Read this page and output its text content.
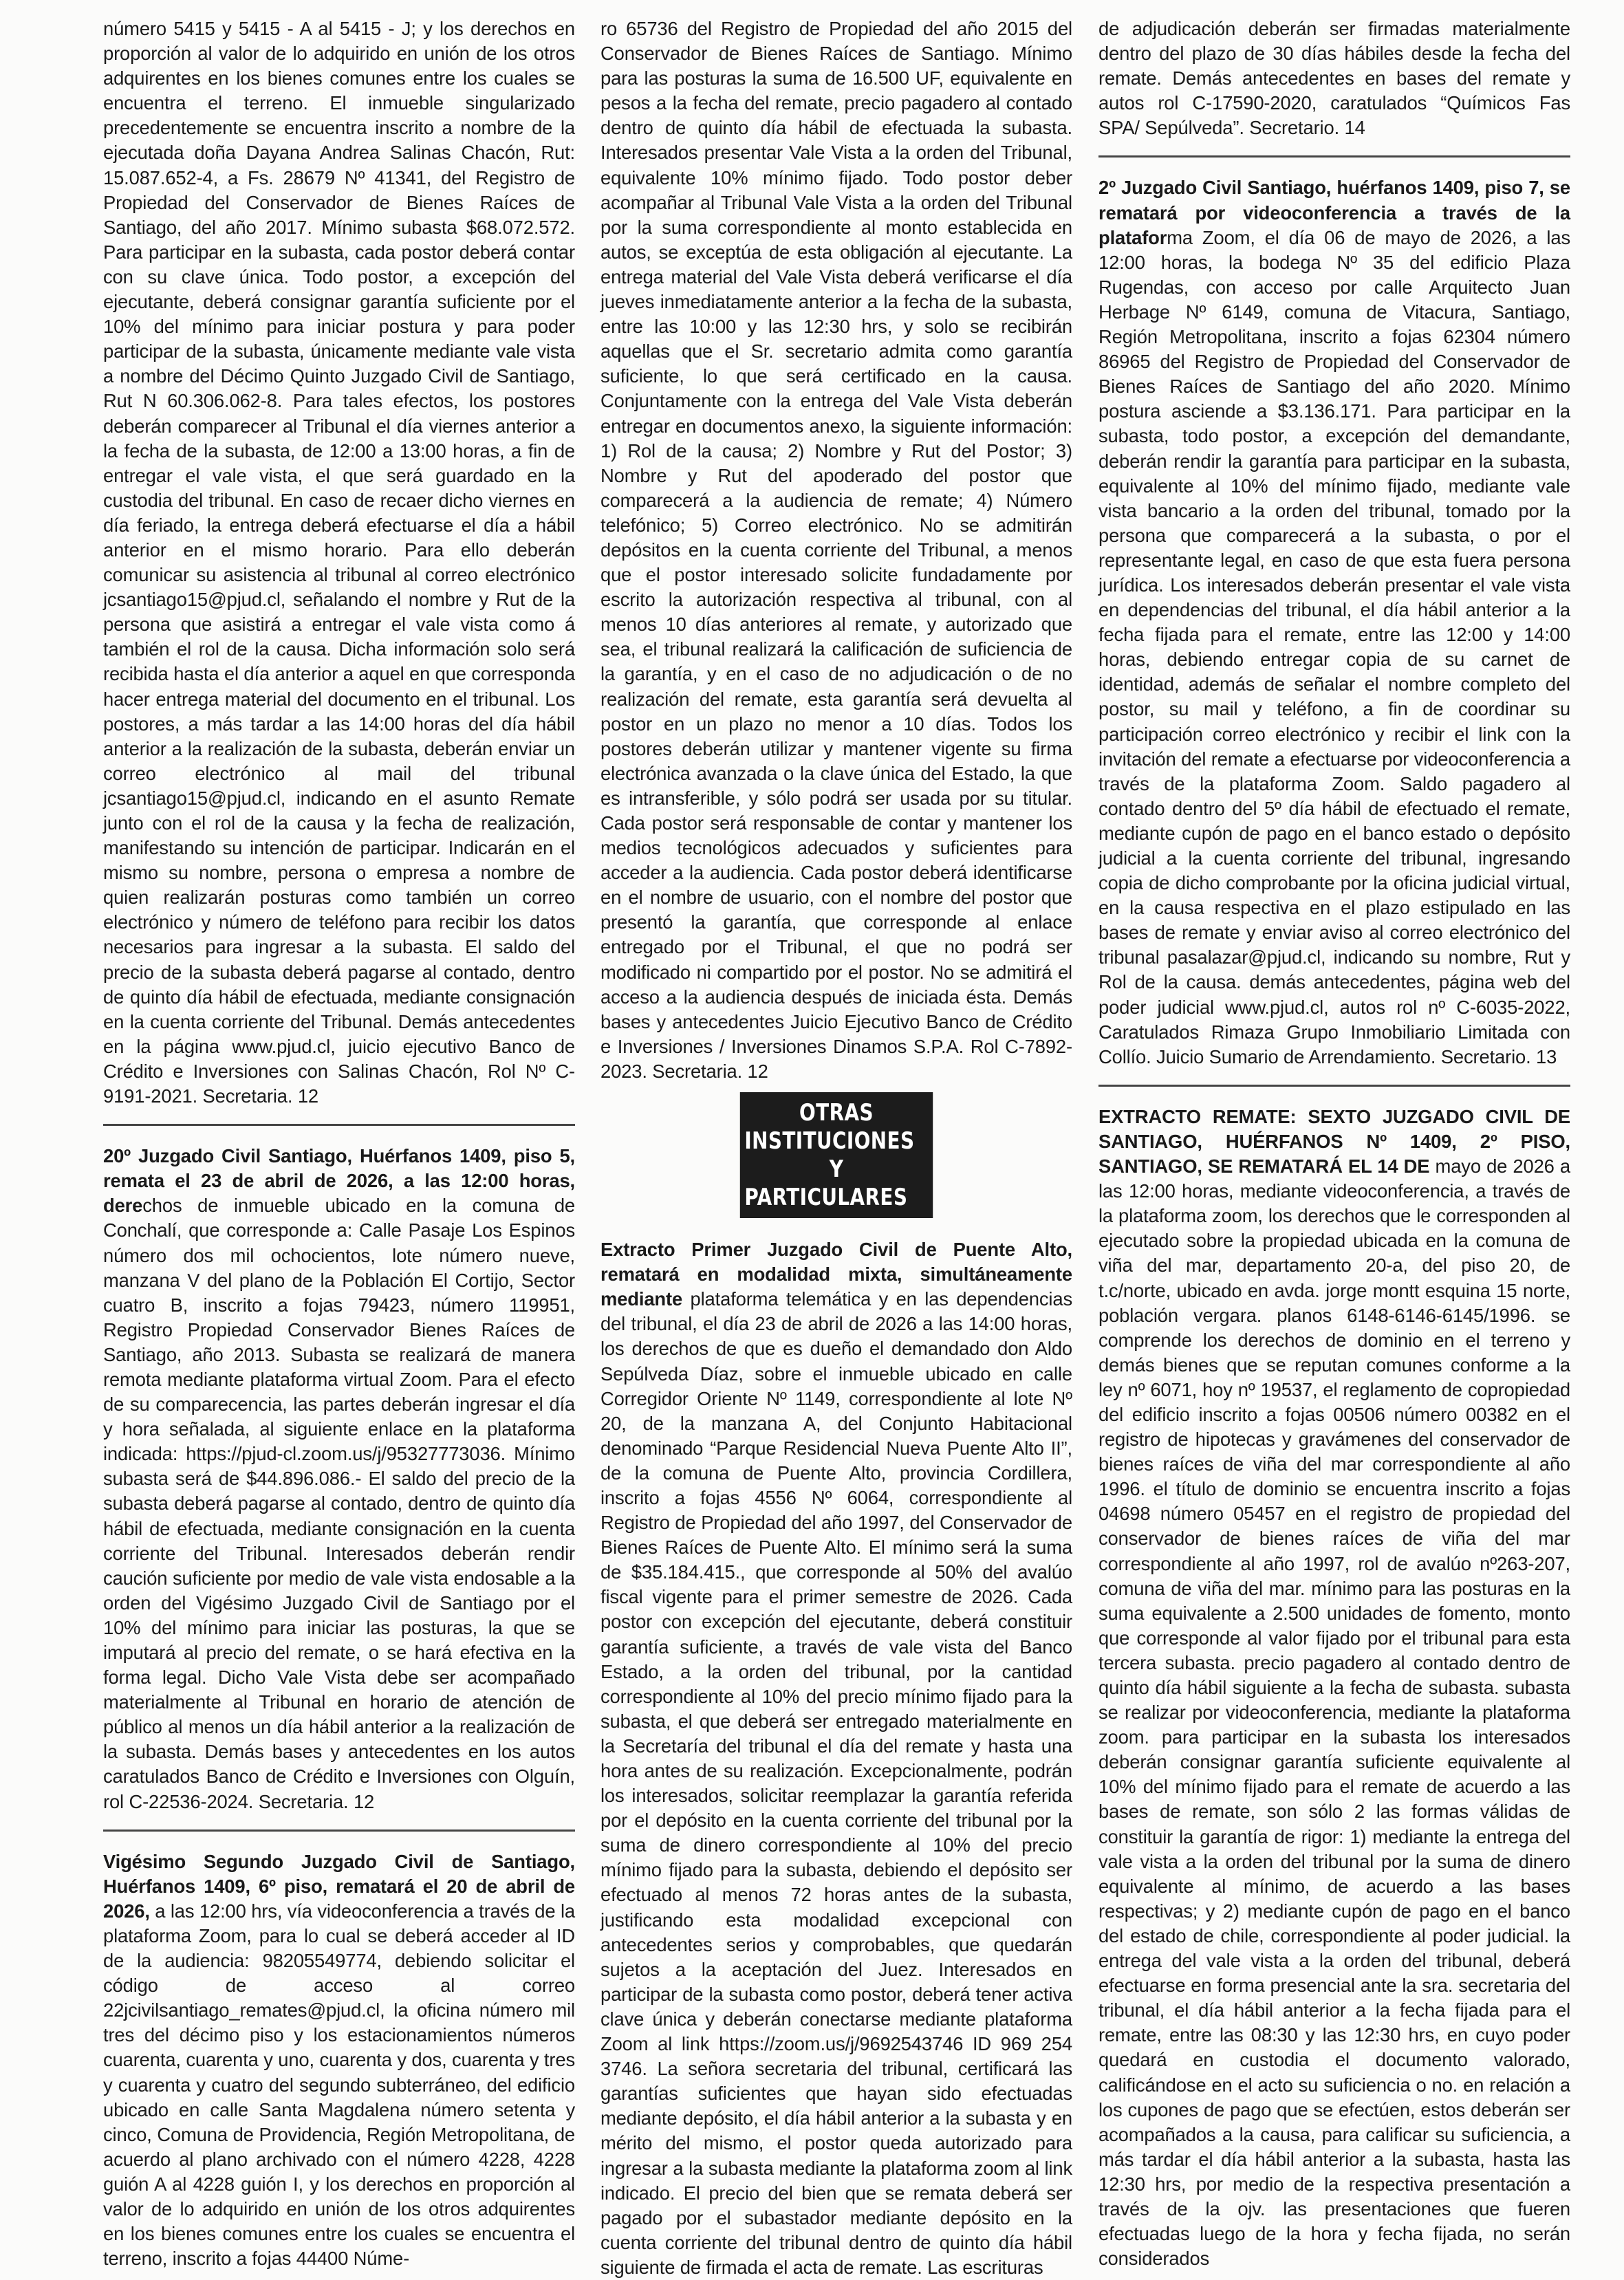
número 5415 y 5415 - A al 5415 - J; y los derechos en proporción al valor de lo adquirido en unión de los otros adquirentes en los bienes comunes entre los cuales se encuentra el terreno. El inmueble singularizado precedentemente se encuentra inscrito a nombre de la ejecutada doña Dayana Andrea Salinas Chacón, Rut: 15.087.652-4, a Fs. 28679 Nº 41341, del Registro de Propiedad del Conservador de Bienes Raíces de Santiago, del año 2017. Mínimo subasta $68.072.572. Para participar en la subasta, cada postor deberá contar con su clave única. Todo postor, a excepción del ejecutante, deberá consignar garantía suficiente por el 10% del mínimo para iniciar postura y para poder participar de la subasta, únicamente mediante vale vista a nombre del Décimo Quinto Juzgado Civil de Santiago, Rut N 60.306.062-8. Para tales efectos, los postores deberán comparecer al Tribunal el día viernes anterior a la fecha de la subasta, de 12:00 a 13:00 horas, a fin de entregar el vale vista, el que será guardado en la custodia del tribunal. En caso de recaer dicho viernes en día feriado, la entrega deberá efectuarse el día a hábil anterior en el mismo horario. Para ello deberán comunicar su asistencia al tribunal al correo electrónico jcsantiago15@pjud.cl, señalando el nombre y Rut de la persona que asistirá a entregar el vale vista como á también el rol de la causa. Dicha información solo será recibida hasta el día anterior a aquel en que corresponda hacer entrega material del documento en el tribunal. Los postores, a más tardar a las 14:00 horas del día hábil anterior a la realización de la subasta, deberán enviar un correo electrónico al mail del tribunal jcsantiago15@pjud.cl, indicando en el asunto Remate junto con el rol de la causa y la fecha de realización, manifestando su intención de participar. Indicarán en el mismo su nombre, persona o empresa a nombre de quien realizarán posturas como también un correo electrónico y número de teléfono para recibir los datos necesarios para ingresar a la subasta. El saldo del precio de la subasta deberá pagarse al contado, dentro de quinto día hábil de efectuada, mediante consignación en la cuenta corriente del Tribunal. Demás antecedentes en la página www.pjud.cl, juicio ejecutivo Banco de Crédito e Inversiones con Salinas Chacón, Rol Nº C-9191-2021. Secretaria. 12

20º Juzgado Civil Santiago, Huérfanos 1409, piso 5, remata el 23 de abril de 2026, a las 12:00 horas, derechos de inmueble ubicado en la comuna de Conchalí, que corresponde a: Calle Pasaje Los Espinos número dos mil ochocientos, lote número nueve, manzana V del plano de la Población El Cortijo, Sector cuatro B, inscrito a fojas 79423, número 119951, Registro Propiedad Conservador Bienes Raíces de Santiago, año 2013. Subasta se realizará de manera remota mediante plataforma virtual Zoom. Para el efecto de su comparecencia, las partes deberán ingresar el día y hora señalada, al siguiente enlace en la plataforma indicada: https://pjud-cl.zoom.us/j/95327773036. Mínimo subasta será de $44.896.086.- El saldo del precio de la subasta deberá pagarse al contado, dentro de quinto día hábil de efectuada, mediante consignación en la cuenta corriente del Tribunal. Interesados deberán rendir caución suficiente por medio de vale vista endosable a la orden del Vigésimo Juzgado Civil de Santiago por el 10% del mínimo para iniciar las posturas, la que se imputará al precio del remate, o se hará efectiva en la forma legal. Dicho Vale Vista debe ser acompañado materialmente al Tribunal en horario de atención de público al menos un día hábil anterior a la realización de la subasta. Demás bases y antecedentes en los autos caratulados Banco de Crédito e Inversiones con Olguín, rol C-22536-2024. Secretaria. 12

Vigésimo Segundo Juzgado Civil de Santiago, Huérfanos 1409, 6º piso, rematará el 20 de abril de 2026, a las 12:00 hrs, vía videoconferencia a través de la plataforma Zoom, para lo cual se deberá acceder al ID de la audiencia: 98205549774, debiendo solicitar el código de acceso al correo 22jcivilsantiago_remates@pjud.cl, la oficina número mil tres del décimo piso y los estacionamientos números cuarenta, cuarenta y uno, cuarenta y dos, cuarenta y tres y cuarenta y cuatro del segundo subterráneo, del edificio ubicado en calle Santa Magdalena número setenta y cinco, Comuna de Providencia, Región Metropolitana, de acuerdo al plano archivado con el número 4228, 4228 guión A al 4228 guión I, y los derechos en proporción al valor de lo adquirido en unión de los otros adquirentes en los bienes comunes entre los cuales se encuentra el terreno, inscrito a fojas 44400 Núme-

ro 65736 del Registro de Propiedad del año 2015 del Conservador de Bienes Raíces de Santiago. Mínimo para las posturas la suma de 16.500 UF, equivalente en pesos a la fecha del remate, precio pagadero al contado dentro de quinto día hábil de efectuada la subasta. Interesados presentar Vale Vista a la orden del Tribunal, equivalente 10% mínimo fijado. Todo postor deber acompañar al Tribunal Vale Vista a la orden del Tribunal por la suma correspondiente al monto establecida en autos, se exceptúa de esta obligación al ejecutante. La entrega material del Vale Vista deberá verificarse el día jueves inmediatamente anterior a la fecha de la subasta, entre las 10:00 y las 12:30 hrs, y solo se recibirán aquellas que el Sr. secretario admita como garantía suficiente, lo que será certificado en la causa. Conjuntamente con la entrega del Vale Vista deberán entregar en documentos anexo, la siguiente información: 1) Rol de la causa; 2) Nombre y Rut del Postor; 3) Nombre y Rut del apoderado del postor que comparecerá a la audiencia de remate; 4) Número telefónico; 5) Correo electrónico. No se admitirán depósitos en la cuenta corriente del Tribunal, a menos que el postor interesado solicite fundadamente por escrito la autorización respectiva al tribunal, con al menos 10 días anteriores al remate, y autorizado que sea, el tribunal realizará la calificación de suficiencia de la garantía, y en el caso de no adjudicación o de no realización del remate, esta garantía será devuelta al postor en un plazo no menor a 10 días. Todos los postores deberán utilizar y mantener vigente su firma electrónica avanzada o la clave única del Estado, la que es intransferible, y sólo podrá ser usada por su titular. Cada postor será responsable de contar y mantener los medios tecnológicos adecuados y suficientes para acceder a la audiencia. Cada postor deberá identificarse en el nombre de usuario, con el nombre del postor que presentó la garantía, que corresponde al enlace entregado por el Tribunal, el que no podrá ser modificado ni compartido por el postor. No se admitirá el acceso a la audiencia después de iniciada ésta. Demás bases y antecedentes Juicio Ejecutivo Banco de Crédito e Inversiones / Inversiones Dinamos S.P.A. Rol C-7892-2023. Secretaria. 12

OTRAS INSTITUCIONES
Y PARTICULARES

Extracto Primer Juzgado Civil de Puente Alto, rematará en modalidad mixta, simultáneamente mediante plataforma telemática y en las dependencias del tribunal, el día 23 de abril de 2026 a las 14:00 horas, los derechos de que es dueño el demandado don Aldo Sepúlveda Díaz, sobre el inmueble ubicado en calle Corregidor Oriente Nº 1149, correspondiente al lote Nº 20, de la manzana A, del Conjunto Habitacional denominado “Parque Residencial Nueva Puente Alto II”, de la comuna de Puente Alto, provincia Cordillera, inscrito a fojas 4556 Nº 6064, correspondiente al Registro de Propiedad del año 1997, del Conservador de Bienes Raíces de Puente Alto. El mínimo será la suma de $35.184.415., que corresponde al 50% del avalúo fiscal vigente para el primer semestre de 2026. Cada postor con excepción del ejecutante, deberá constituir garantía suficiente, a través de vale vista del Banco Estado, a la orden del tribunal, por la cantidad correspondiente al 10% del precio mínimo fijado para la subasta, el que deberá ser entregado materialmente en la Secretaría del tribunal el día del remate y hasta una hora antes de su realización. Excepcionalmente, podrán los interesados, solicitar reemplazar la garantía referida por el depósito en la cuenta corriente del tribunal por la suma de dinero correspondiente al 10% del precio mínimo fijado para la subasta, debiendo el depósito ser efectuado al menos 72 horas antes de la subasta, justificando esta modalidad excepcional con antecedentes serios y comprobables, que quedarán sujetos a la aceptación del Juez. Interesados en participar de la subasta como postor, deberá tener activa clave única y deberán conectarse mediante plataforma Zoom al link https://zoom.us/j/9692543746 ID 969 254 3746. La señora secretaria del tribunal, certificará las garantías suficientes que hayan sido efectuadas mediante depósito, el día hábil anterior a la subasta y en mérito del mismo, el postor queda autorizado para ingresar a la subasta mediante la plataforma zoom al link indicado. El precio del bien que se remata deberá ser pagado por el subastador mediante depósito en la cuenta corriente del tribunal dentro de quinto día hábil siguiente de firmada el acta de remate. Las escrituras

de adjudicación deberán ser firmadas materialmente dentro del plazo de 30 días hábiles desde la fecha del remate. Demás antecedentes en bases del remate y autos rol C-17590-2020, caratulados “Químicos Fas SPA/ Sepúlveda”. Secretario. 14

2º Juzgado Civil Santiago, huérfanos 1409, piso 7, se rematará por videoconferencia a través de la plataforma Zoom, el día 06 de mayo de 2026, a las 12:00 horas, la bodega Nº 35 del edificio Plaza Rugendas, con acceso por calle Arquitecto Juan Herbage Nº 6149, comuna de Vitacura, Santiago, Región Metropolitana, inscrito a fojas 62304 número 86965 del Registro de Propiedad del Conservador de Bienes Raíces de Santiago del año 2020. Mínimo postura asciende a $3.136.171. Para participar en la subasta, todo postor, a excepción del demandante, deberán rendir la garantía para participar en la subasta, equivalente al 10% del mínimo fijado, mediante vale vista bancario a la orden del tribunal, tomado por la persona que comparecerá a la subasta, o por el representante legal, en caso de que esta fuera persona jurídica. Los interesados deberán presentar el vale vista en dependencias del tribunal, el día hábil anterior a la fecha fijada para el remate, entre las 12:00 y 14:00 horas, debiendo entregar copia de su carnet de identidad, además de señalar el nombre completo del postor, su mail y teléfono, a fin de coordinar su participación correo electrónico y recibir el link con la invitación del remate a efectuarse por videoconferencia a través de la plataforma Zoom. Saldo pagadero al contado dentro del 5º día hábil de efectuado el remate, mediante cupón de pago en el banco estado o depósito judicial a la cuenta corriente del tribunal, ingresando copia de dicho comprobante por la oficina judicial virtual, en la causa respectiva en el plazo estipulado en las bases de remate y enviar aviso al correo electrónico del tribunal pasalazar@pjud.cl, indicando su nombre, Rut y Rol de la causa. demás antecedentes, página web del poder judicial www.pjud.cl, autos rol nº C-6035-2022, Caratulados Rimaza Grupo Inmobiliario Limitada con Collío. Juicio Sumario de Arrendamiento. Secretario. 13

EXTRACTO REMATE: SEXTO JUZGADO CIVIL DE SANTIAGO, HUÉRFANOS Nº 1409, 2º PISO, SANTIAGO, SE REMATARÁ EL 14 DE mayo de 2026 a las 12:00 horas, mediante videoconferencia, a través de la plataforma zoom, los derechos que le corresponden al ejecutado sobre la propiedad ubicada en la comuna de viña del mar, departamento 20-a, del piso 20, de t.c/norte, ubicado en avda. jorge montt esquina 15 norte, población vergara. planos 6148-6146-6145/1996. se comprende los derechos de dominio en el terreno y demás bienes que se reputan comunes conforme a la ley nº 6071, hoy nº 19537, el reglamento de copropiedad del edificio inscrito a fojas 00506 número 00382 en el registro de hipotecas y gravámenes del conservador de bienes raíces de viña del mar correspondiente al año 1996. el título de dominio se encuentra inscrito a fojas 04698 número 05457 en el registro de propiedad del conservador de bienes raíces de viña del mar correspondiente al año 1997, rol de avalúo nº263-207, comuna de viña del mar. mínimo para las posturas en la suma equivalente a 2.500 unidades de fomento, monto que corresponde al valor fijado por el tribunal para esta tercera subasta. precio pagadero al contado dentro de quinto día hábil siguiente a la fecha de subasta. subasta se realizar por videoconferencia, mediante la plataforma zoom. para participar en la subasta los interesados deberán consignar garantía suficiente equivalente al 10% del mínimo fijado para el remate de acuerdo a las bases de remate, son sólo 2 las formas válidas de constituir la garantía de rigor: 1) mediante la entrega del vale vista a la orden del tribunal por la suma de dinero equivalente al mínimo, de acuerdo a las bases respectivas; y 2) mediante cupón de pago en el banco del estado de chile, correspondiente al poder judicial. la entrega del vale vista a la orden del tribunal, deberá efectuarse en forma presencial ante la sra. secretaria del tribunal, el día hábil anterior a la fecha fijada para el remate, entre las 08:30 y las 12:30 hrs, en cuyo poder quedará en custodia el documento valorado, calificándose en el acto su suficiencia o no. en relación a los cupones de pago que se efectúen, estos deberán ser acompañados a la causa, para calificar su suficiencia, a más tardar el día hábil anterior a la subasta, hasta las 12:30 hrs, por medio de la respectiva presentación a través de la ojv. las presentaciones que fueren efectuadas luego de la hora y fecha fijada, no serán considerados
